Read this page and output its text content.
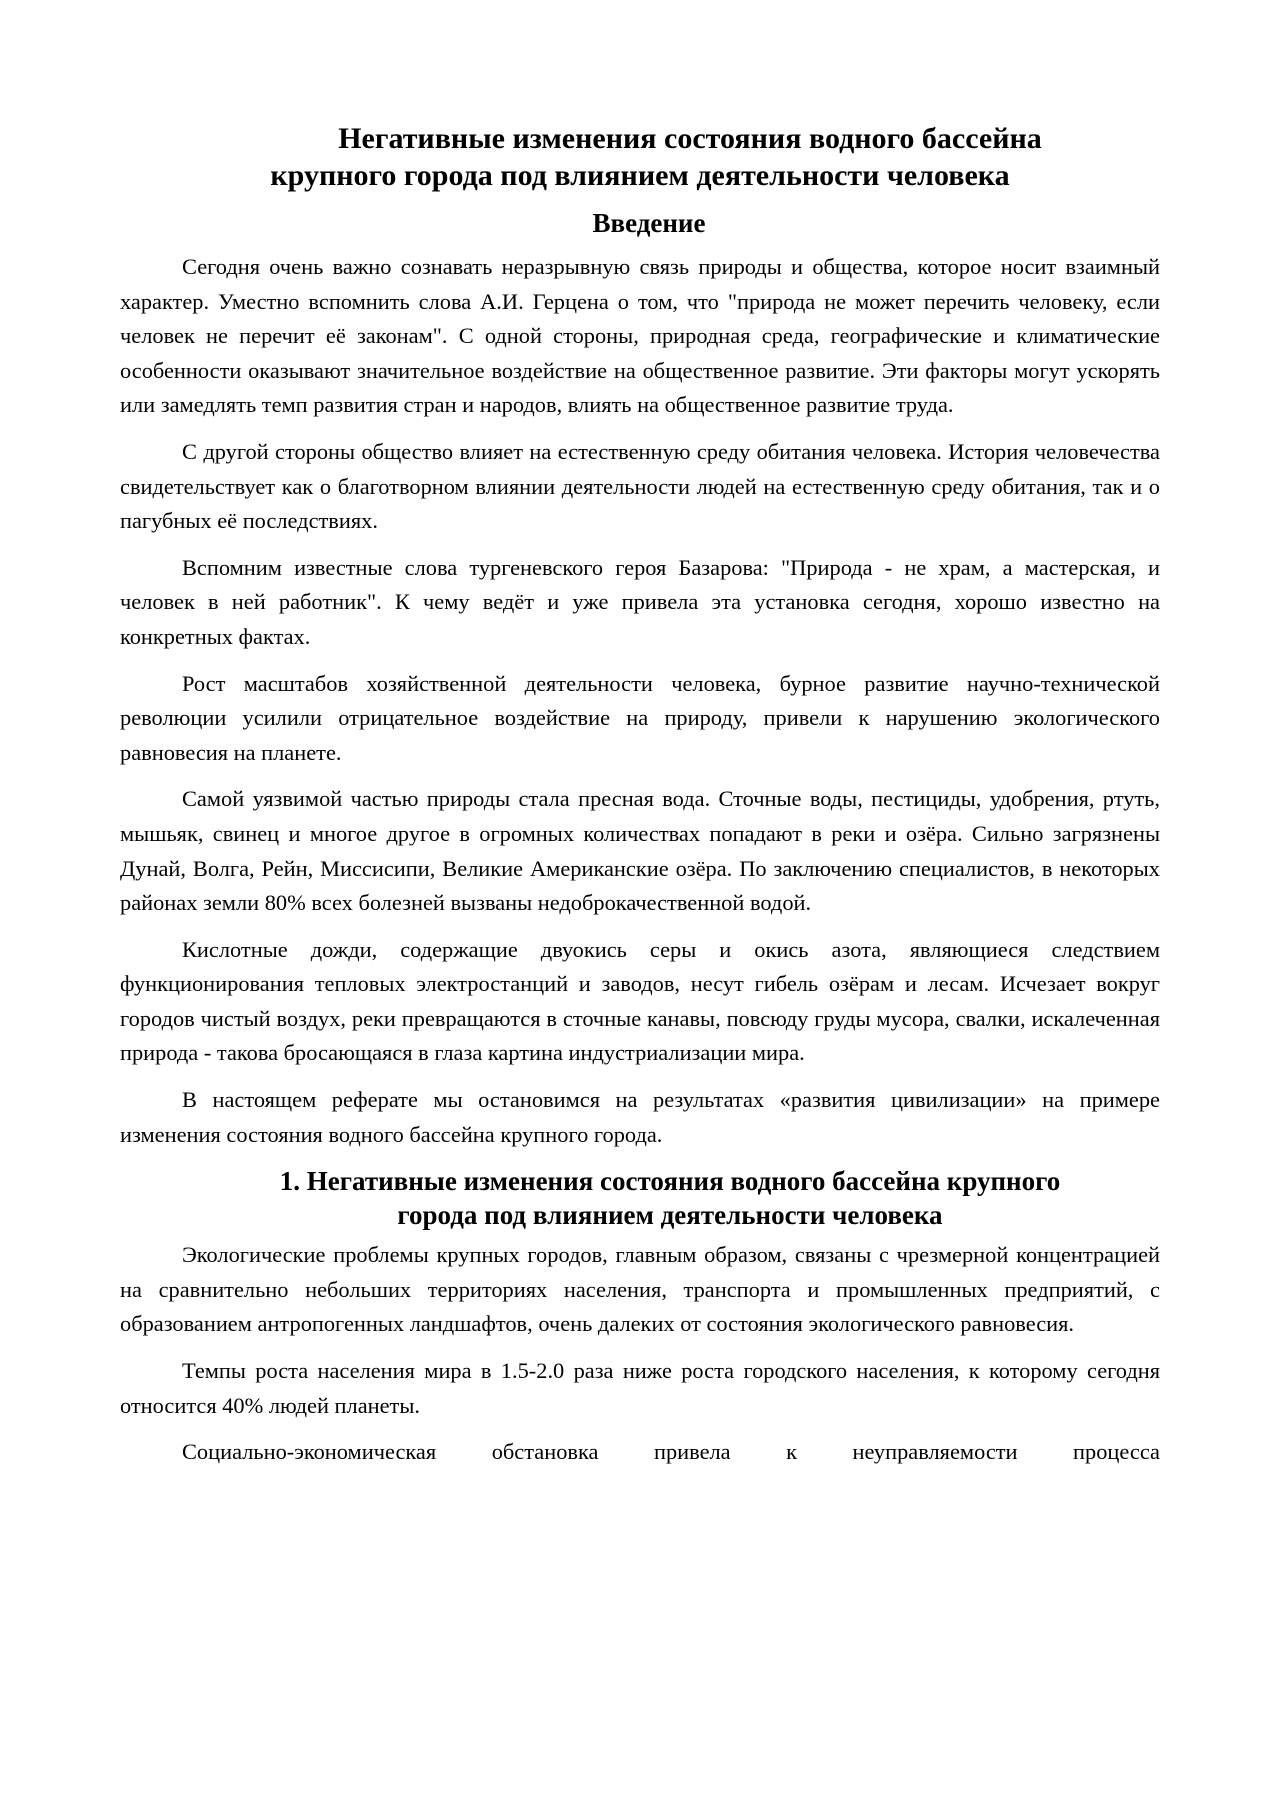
Негативные изменения состояния водного бассейна
крупного города под влиянием деятельности человека
Введение

Сегодня очень важно сознавать неразрывную связь природы и общества, которое носит взаимный характер. Уместно вспомнить слова А.И. Герцена о том, что "природа не может перечить человеку, если человек не перечит её законам". С одной стороны, природная среда, географические и климатические особенности оказывают значительное воздействие на общественное развитие. Эти факторы могут ускорять или замедлять темп развития стран и народов, влиять на общественное развитие труда.

С другой стороны общество влияет на естественную среду обитания человека. История человечества свидетельствует как о благотворном влиянии деятельности людей на естественную среду обитания, так и о пагубных её последствиях.

Вспомним известные слова тургеневского героя Базарова: "Природа - не храм, а мастерская, и человек в ней работник". К чему ведёт и уже привела эта установка сегодня, хорошо известно на конкретных фактах.

Рост масштабов хозяйственной деятельности человека, бурное развитие научно-технической революции усилили отрицательное воздействие на природу, привели к нарушению экологического равновесия на планете.

Самой уязвимой частью природы стала пресная вода. Сточные воды, пестициды, удобрения, ртуть, мышьяк, свинец и многое другое в огромных количествах попадают в реки и озёра. Сильно загрязнены Дунай, Волга, Рейн, Миссисипи, Великие Американские озёра. По заключению специалистов, в некоторых районах земли 80% всех болезней вызваны недоброкачественной водой.

Кислотные дожди, содержащие двуокись серы и окись азота, являющиеся следствием функционирования тепловых электростанций и заводов, несут гибель озёрам и лесам. Исчезает вокруг городов чистый воздух, реки превращаются в сточные канавы, повсюду груды мусора, свалки, искалеченная природа - такова бросающаяся в глаза картина индустриализации мира.

В настоящем реферате мы остановимся на результатах «развития цивилизации» на примере изменения состояния водного бассейна крупного города.

1. Негативные изменения состояния водного бассейна крупного
города под влиянием деятельности человека

Экологические проблемы крупных городов, главным образом, связаны с чрезмерной концентрацией на сравнительно небольших территориях населения, транспорта и промышленных предприятий, с образованием антропогенных ландшафтов, очень далеких от состояния экологического равновесия.

Темпы роста населения мира в 1.5-2.0 раза ниже роста городского населения, к которому сегодня относится 40% людей планеты.

Социально-экономическая обстановка привела к неуправляемости процесса
